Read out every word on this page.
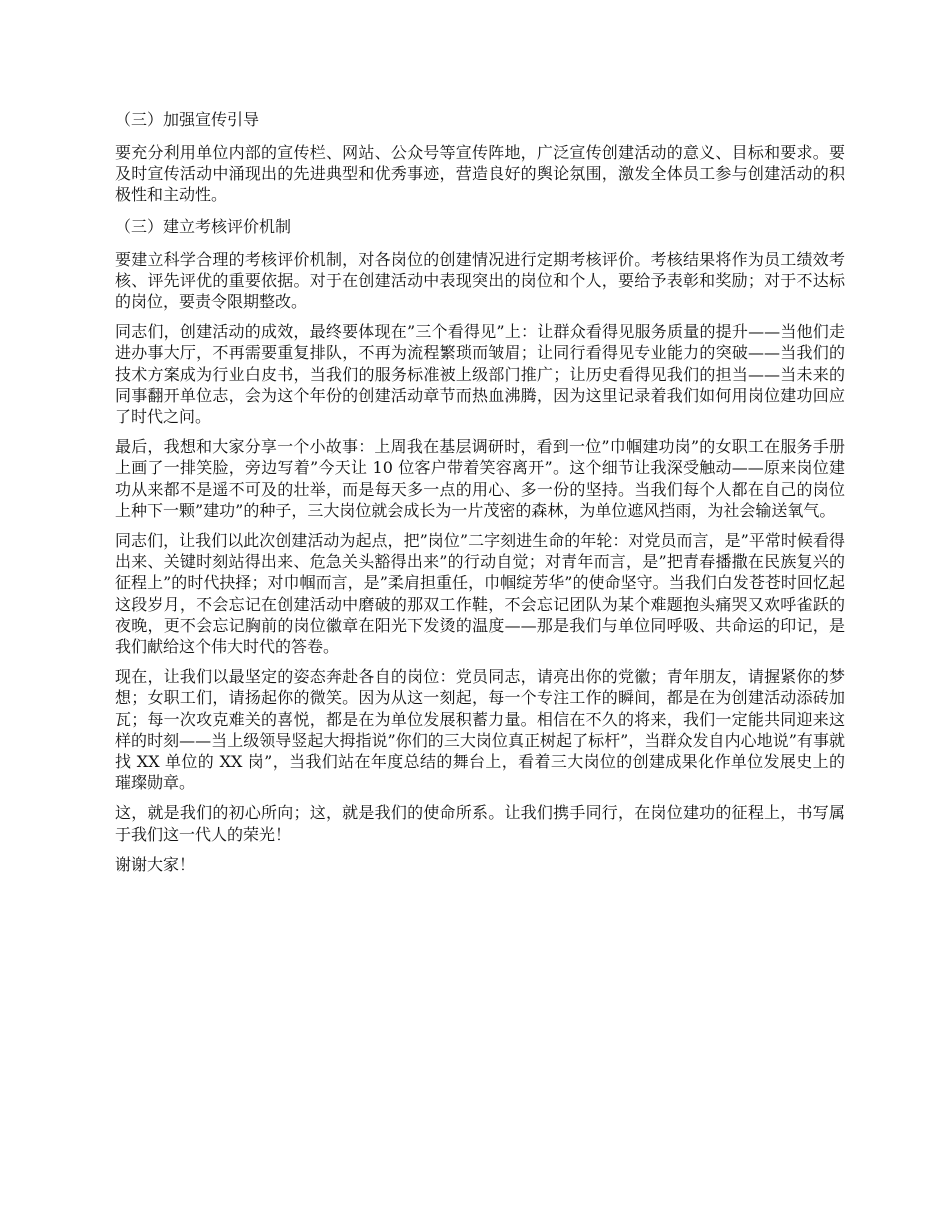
（三）加强宣传引导

要充分利用单位内部的宣传栏、网站、公众号等宣传阵地，广泛宣传创建活动的意义、目标和要求。要及时宣传活动中涌现出的先进典型和优秀事迹，营造良好的舆论氛围，激发全体员工参与创建活动的积极性和主动性。

（三）建立考核评价机制

要建立科学合理的考核评价机制，对各岗位的创建情况进行定期考核评价。考核结果将作为员工绩效考核、评先评优的重要依据。对于在创建活动中表现突出的岗位和个人，要给予表彰和奖励；对于不达标的岗位，要责令限期整改。

同志们，创建活动的成效，最终要体现在”三个看得见”上：让群众看得见服务质量的提升——当他们走进办事大厅，不再需要重复排队，不再为流程繁琐而皱眉；让同行看得见专业能力的突破——当我们的技术方案成为行业白皮书，当我们的服务标准被上级部门推广；让历史看得见我们的担当——当未来的同事翻开单位志，会为这个年份的创建活动章节而热血沸腾，因为这里记录着我们如何用岗位建功回应了时代之问。

最后，我想和大家分享一个小故事：上周我在基层调研时，看到一位”巾帼建功岗”的女职工在服务手册上画了一排笑脸，旁边写着”今天让 10 位客户带着笑容离开”。这个细节让我深受触动——原来岗位建功从来都不是遥不可及的壮举，而是每天多一点的用心、多一份的坚持。当我们每个人都在自己的岗位上种下一颗”建功”的种子，三大岗位就会成长为一片茂密的森林，为单位遮风挡雨，为社会输送氧气。

同志们，让我们以此次创建活动为起点，把”岗位”二字刻进生命的年轮：对党员而言，是”平常时候看得出来、关键时刻站得出来、危急关头豁得出来”的行动自觉；对青年而言，是”把青春播撒在民族复兴的征程上”的时代抉择；对巾帼而言，是”柔肩担重任，巾帼绽芳华”的使命坚守。当我们白发苍苍时回忆起这段岁月，不会忘记在创建活动中磨破的那双工作鞋，不会忘记团队为某个难题抱头痛哭又欢呼雀跃的夜晚，更不会忘记胸前的岗位徽章在阳光下发烫的温度——那是我们与单位同呼吸、共命运的印记，是我们献给这个伟大时代的答卷。

现在，让我们以最坚定的姿态奔赴各自的岗位：党员同志，请亮出你的党徽；青年朋友，请握紧你的梦想；女职工们，请扬起你的微笑。因为从这一刻起，每一个专注工作的瞬间，都是在为创建活动添砖加瓦；每一次攻克难关的喜悦，都是在为单位发展积蓄力量。相信在不久的将来，我们一定能共同迎来这样的时刻——当上级领导竖起大拇指说”你们的三大岗位真正树起了标杆”，当群众发自内心地说”有事就找 XX 单位的 XX 岗”，当我们站在年度总结的舞台上，看着三大岗位的创建成果化作单位发展史上的璀璨勋章。

这，就是我们的初心所向；这，就是我们的使命所系。让我们携手同行，在岗位建功的征程上，书写属于我们这一代人的荣光！

谢谢大家！
